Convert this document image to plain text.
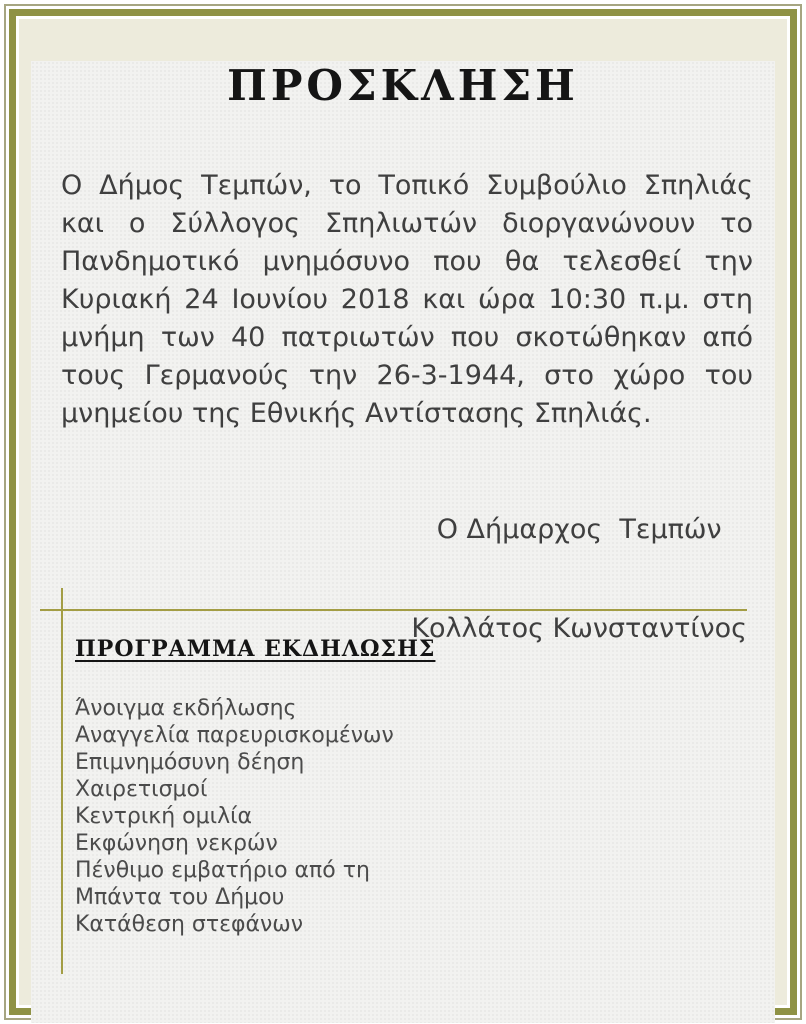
ΠΡΟΣΚΛΗΣΗ
Ο Δήμος Τεμπών, το Τοπικό Συμβούλιο Σπηλιάς
και ο Σύλλογος Σπηλιωτών διοργανώνουν το
Πανδημοτικό μνημόσυνο που θα τελεσθεί την
Κυριακή 24 Ιουνίου 2018 και ώρα 10:30 π.μ. στη
μνήμη των 40 πατριωτών που σκοτώθηκαν από
τους Γερμανούς την 26-3-1944, στο χώρο του
μνημείου της Εθνικής Αντίστασης Σπηλιάς.

Ο Δήμαρχος  Τεμπών

Κολλάτος Κωνσταντίνος

ΠΡΟΓΡΑΜΜΑ ΕΚΔΗΛΩΣΗΣ
Άνοιγμα εκδήλωσης
Αναγγελία παρευρισκομένων
Επιμνημόσυνη δέηση
Χαιρετισμοί
Κεντρική ομιλία
Εκφώνηση νεκρών
Πένθιμο εμβατήριο από τη
Μπάντα του Δήμου
Κατάθεση στεφάνων
